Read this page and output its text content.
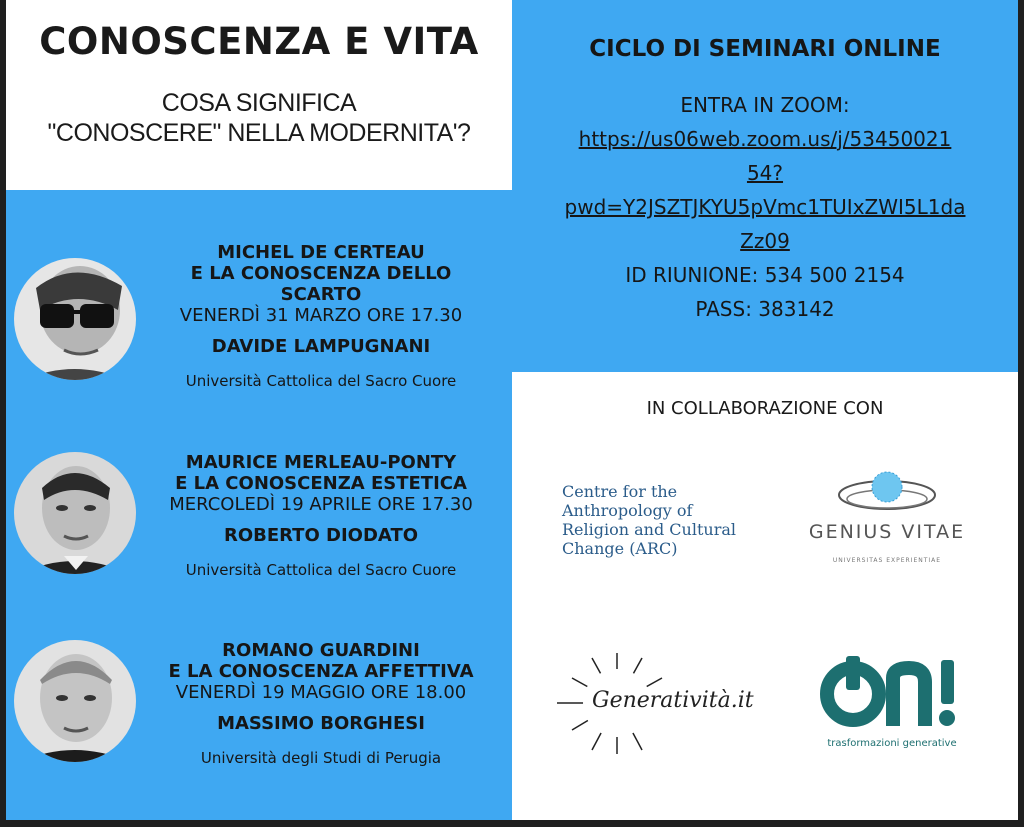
CONOSCENZA E VITA
COSA SIGNIFICA
"CONOSCERE" NELLA MODERNITA'?
CICLO DI SEMINARI ONLINE
ENTRA IN ZOOM:
https://us06web.zoom.us/j/53450021
54?
pwd=Y2JSZTJKYU5pVmc1TUIxZWI5L1da
Zz09
ID RIUNIONE: 534 500 2154
PASS: 383142
MICHEL DE CERTEAU
E LA CONOSCENZA DELLO
SCARTO
VENERDÌ 31 MARZO ORE 17.30
DAVIDE LAMPUGNANI
Università Cattolica del Sacro Cuore
MAURICE MERLEAU-PONTY
E LA CONOSCENZA ESTETICA
MERCOLEDÌ 19 APRILE ORE 17.30
ROBERTO DIODATO
Università Cattolica del Sacro Cuore
ROMANO GUARDINI
E LA CONOSCENZA AFFETTIVA
VENERDÌ 19 MAGGIO ORE 18.00
MASSIMO BORGHESI
Università degli Studi di Perugia
IN COLLABORAZIONE CON
Centre for the
Anthropology of
Religion and Cultural
Change (ARC)
GENIUS VITAE
UNIVERSITAS EXPERIENTIAE
Generatività.it
trasformazioni generative
